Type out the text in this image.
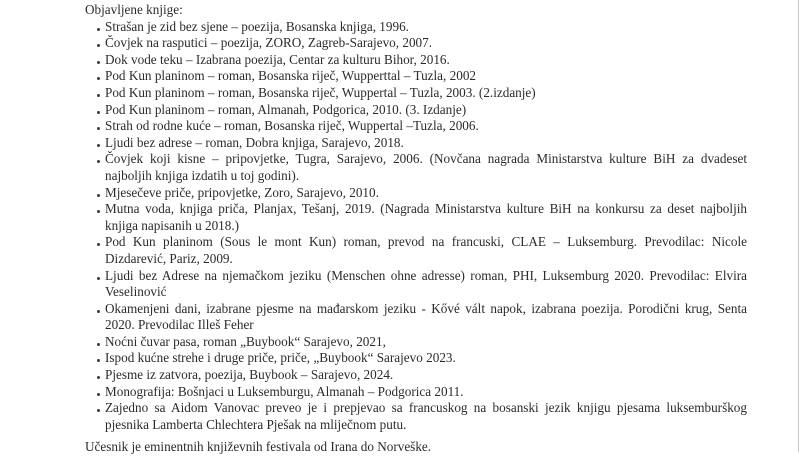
Objavljene knjige:

Strašan je zid bez sjene – poezija, Bosanska knjiga, 1996.
Čovjek na rasputici – poezija, ZORO, Zagreb-Sarajevo, 2007.
Dok vode teku – Izabrana poezija, Centar za kulturu Bihor, 2016.
Pod Kun planinom – roman, Bosanska riječ, Wupperttal – Tuzla, 2002
Pod Kun planinom – roman, Bosanska riječ, Wuppertal – Tuzla, 2003. (2.izdanje)
Pod Kun planinom – roman, Almanah, Podgorica, 2010. (3. Izdanje)
Strah od rodne kuće – roman, Bosanska riječ, Wuppertal –Tuzla, 2006.
Ljudi bez adrese – roman, Dobra knjiga, Sarajevo, 2018.
Čovjek koji kisne – pripovjetke, Tugra, Sarajevo, 2006. (Novčana nagrada Ministarstva kulture BiH za dvadeset najboljih knjiga izdatih u toj godini).
Mjesečeve priče, pripovjetke, Zoro, Sarajevo, 2010.
Mutna voda, knjiga priča, Planjax, Tešanj, 2019. (Nagrada Ministarstva kulture BiH na konkursu za deset najboljih knjiga napisanih u 2018.)
Pod Kun planinom (Sous le mont Kun) roman, prevod na francuski, CLAE – Luksemburg. Prevodilac: Nicole Dizdarević, Pariz, 2009.
Ljudi bez Adrese na njemačkom jeziku (Menschen ohne adresse) roman, PHI, Luksemburg 2020. Prevodilac: Elvira Veselinović
Okamenjeni dani, izabrane pjesme na mađarskom jeziku - Kővé vált napok, izabrana poezija. Porodični krug, Senta 2020. Prevodilac Illeš Feher
Noćni čuvar pasa, roman „Buybook“ Sarajevo, 2021,
Ispod kućne strehe i druge priče, priče, „Buybook“ Sarajevo 2023.
Pjesme iz zatvora, poezija, Buybook – Sarajevo, 2024.
Monografija: Bošnjaci u Luksemburgu, Almanah – Podgorica 2011.
Zajedno sa Aidom Vanovac preveo je i prepjevao sa francuskog na bosanski jezik knjigu pjesama luksemburškog pjesnika Lamberta Chlechtera Pješak na mliječnom putu.

Učesnik je eminentnih književnih festivala od Irana do Norveške.
